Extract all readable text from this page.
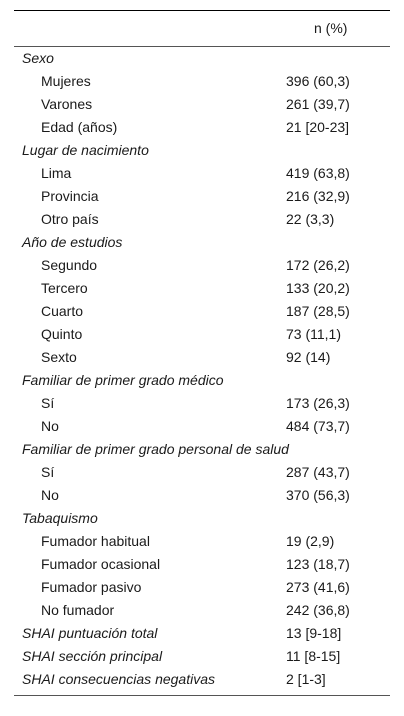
n (%)
Sexo
Mujeres	396 (60,3)
Varones	261 (39,7)
Edad (años)	21 [20-23]
Lugar de nacimiento
Lima	419 (63,8)
Provincia	216 (32,9)
Otro país	22 (3,3)
Año de estudios
Segundo	172 (26,2)
Tercero	133 (20,2)
Cuarto	187 (28,5)
Quinto	73 (11,1)
Sexto	92 (14)
Familiar de primer grado médico
Sí	173 (26,3)
No	484 (73,7)
Familiar de primer grado personal de salud
Sí	287 (43,7)
No	370 (56,3)
Tabaquismo
Fumador habitual	19 (2,9)
Fumador ocasional	123 (18,7)
Fumador pasivo	273 (41,6)
No fumador	242 (36,8)
SHAI puntuación total	13 [9-18]
SHAI sección principal	11 [8-15]
SHAI consecuencias negativas	2 [1-3]
